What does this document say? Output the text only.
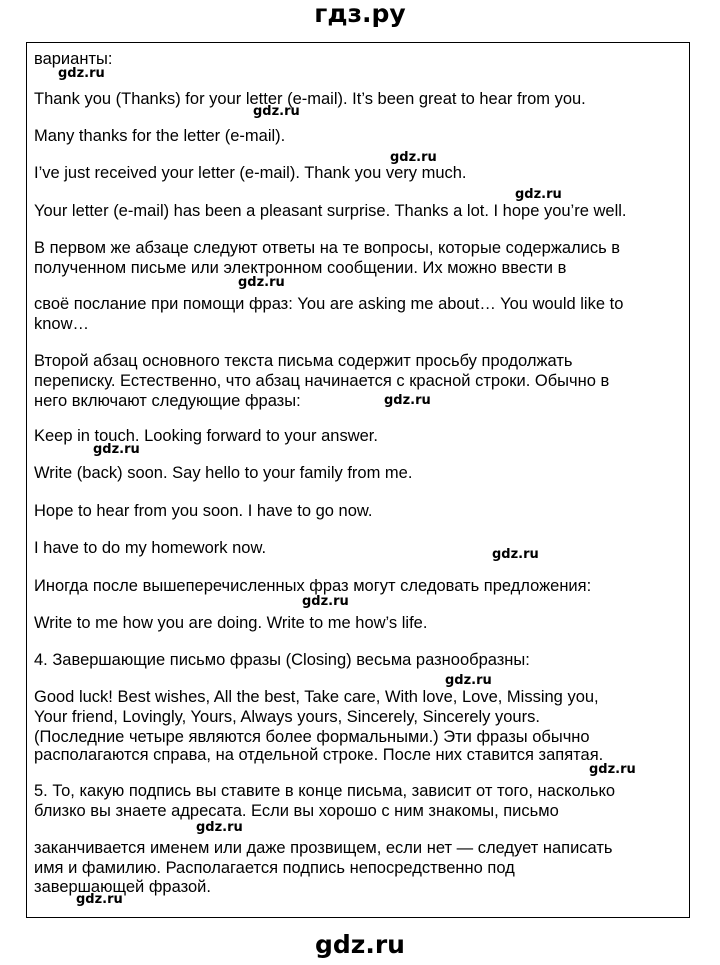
гдз.ру
варианты:
Thank you (Thanks) for your letter (e-mail). It’s been great to hear from you.
Many thanks for the letter (e-mail).
I’ve just received your letter (e-mail). Thank you very much.
Your letter (e-mail) has been a pleasant surprise. Thanks a lot. I hope you’re well.
В первом же абзаце следуют ответы на те вопросы, которые содержались в
полученном письме или электронном сообщении. Их можно ввести в
своё послание при помощи фраз: You are asking me about… You would like to
know…
Второй абзац основного текста письма содержит просьбу продолжать
переписку. Естественно, что абзац начинается с красной строки. Обычно в
него включают следующие фразы:
Keep in touch. Looking forward to your answer.
Write (back) soon. Say hello to your family from me.
Hope to hear from you soon. I have to go now.
I have to do my homework now.
Иногда после вышеперечисленных фраз могут следовать предложения:
Write to me how you are doing. Write to me how’s life.
4. Завершающие письмо фразы (Closing) весьма разнообразны:
Good luck! Best wishes, All the best, Take care, With love, Love, Missing you,
Your friend, Lovingly, Yours, Always yours, Sincerely, Sincerely yours.
(Последние четыре являются более формальными.) Эти фразы обычно
располагаются справа, на отдельной строке. После них ставится запятая.
5. То, какую подпись вы ставите в конце письма, зависит от того, насколько
близко вы знаете адресата. Если вы хорошо с ним знакомы, письмо
заканчивается именем или даже прозвищем, если нет — следует написать
имя и фамилию. Располагается подпись непосредственно под
завершающей фразой.
gdz.ru
gdz.ru
gdz.ru
gdz.ru
gdz.ru
gdz.ru
gdz.ru
gdz.ru
gdz.ru
gdz.ru
gdz.ru
gdz.ru
gdz.ru
gdz.ru
